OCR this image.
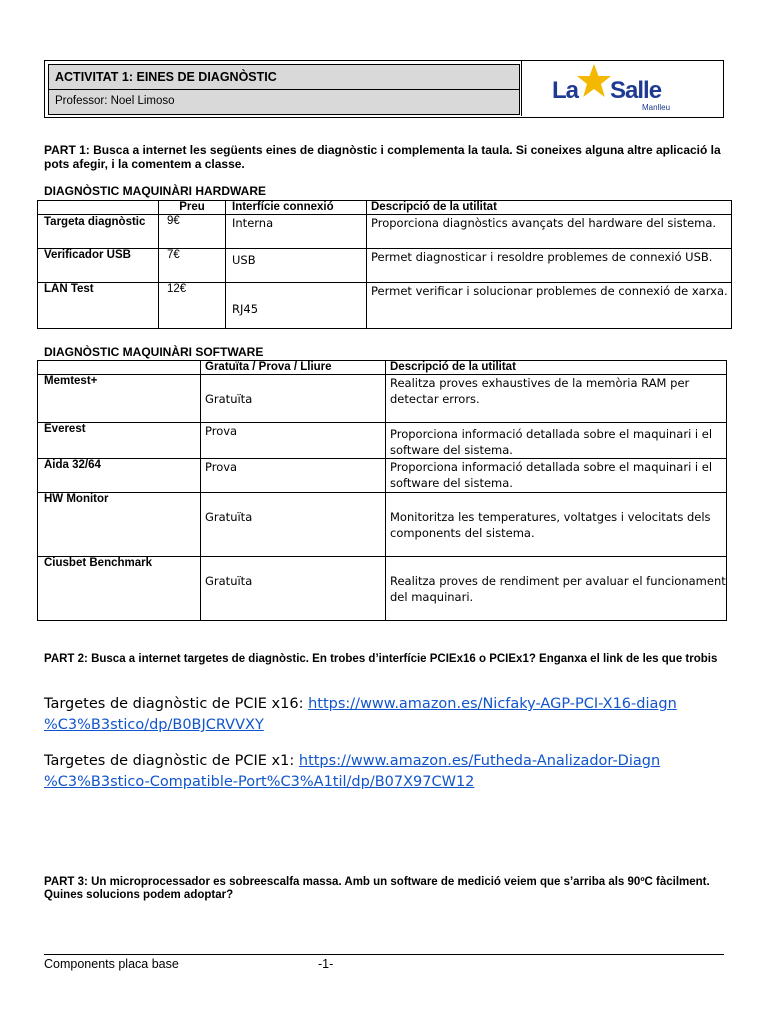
ACTIVITAT 1: EINES DE DIAGNÒSTIC
Professor: Noel Limoso	La Salle
Manlleu
PART 1: Busca a internet les següents eines de diagnòstic i complementa la taula. Si coneixes alguna altre aplicació la pots afegir, i la comentem a classe.
DIAGNÒSTIC MAQUINÀRI HARDWARE
	Preu	Interfície connexió	Descripció de la utilitat
Targeta diagnòstic	9€	Interna	Proporciona diagnòstics avançats del hardware del sistema.
Verificador USB	7€	USB	Permet diagnosticar i resoldre problemes de connexió USB.
LAN Test	12€	RJ45	Permet verificar i solucionar problemes de connexió de xarxa.
DIAGNÒSTIC MAQUINÀRI SOFTWARE
	Gratuïta / Prova / Lliure	Descripció de la utilitat
Memtest+	Gratuïta	Realitza proves exhaustives de la memòria RAM per detectar errors.
Everest	Prova	Proporciona informació detallada sobre el maquinari i el software del sistema.
Aida 32/64	Prova	Proporciona informació detallada sobre el maquinari i el software del sistema.
HW Monitor	Gratuïta	Monitoritza les temperatures, voltatges i velocitats dels components del sistema.
Ciusbet Benchmark	Gratuïta	Realitza proves de rendiment per avaluar el funcionament del maquinari.
PART 2: Busca a internet targetes de diagnòstic. En trobes d’interfície PCIEx16 o PCIEx1? Enganxa el link de les que trobis
Targetes de diagnòstic de PCIE x16: https://www.amazon.es/Nicfaky-AGP-PCI-X16-diagn
%C3%B3stico/dp/B0BJCRVVXY
Targetes de diagnòstic de PCIE x1: https://www.amazon.es/Futheda-Analizador-Diagn
%C3%B3stico-Compatible-Port%C3%A1til/dp/B07X97CW12
PART 3: Un microprocessador es sobreescalfa massa. Amb un software de medició veiem que s’arriba als 90ºC fàcilment. Quines solucions podem adoptar?
Components placa base	-1-
